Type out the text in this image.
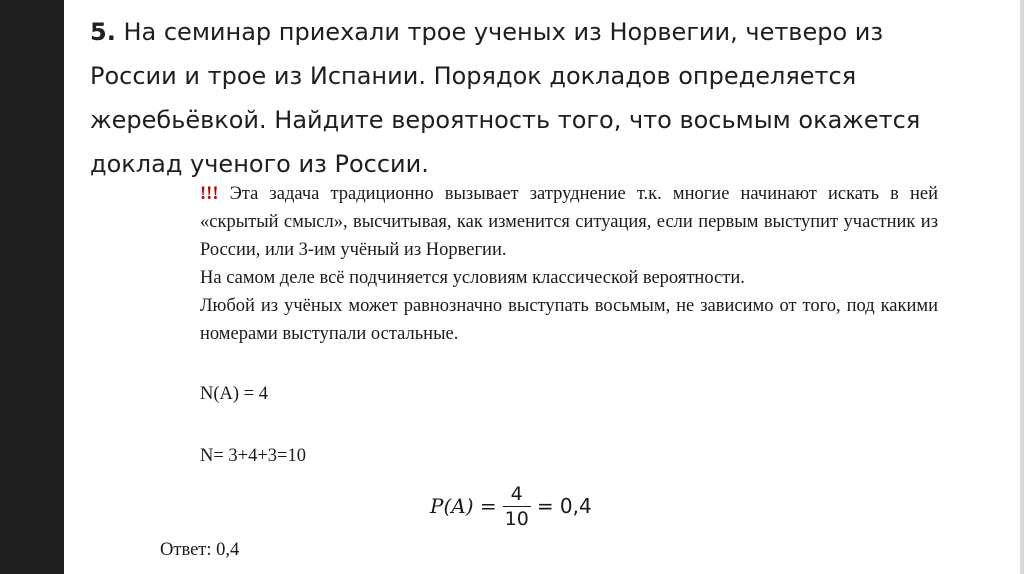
5. На семинар приехали трое ученых из Норвегии, четверо из
России и трое из Испании. Порядок докладов определяется
жеребьёвкой. Найдите вероятность того, что восьмым окажется
доклад ученого из России.

!!! Эта задача традиционно вызывает затруднение т.к. многие начинают искать в ней «скрытый смысл», высчитывая, как изменится ситуация, если первым выступит участник из России, или 3-им учёный из Норвегии.

На самом деле всё подчиняется условиям классической вероятности.

Любой из учёных может равнозначно выступать восьмым, не зависимо от того, под какими номерами выступали остальные.

N(A) = 4
N= 3+4+3=10
$P(A) = \frac{4}{10} = 0,4$
Ответ: 0,4
